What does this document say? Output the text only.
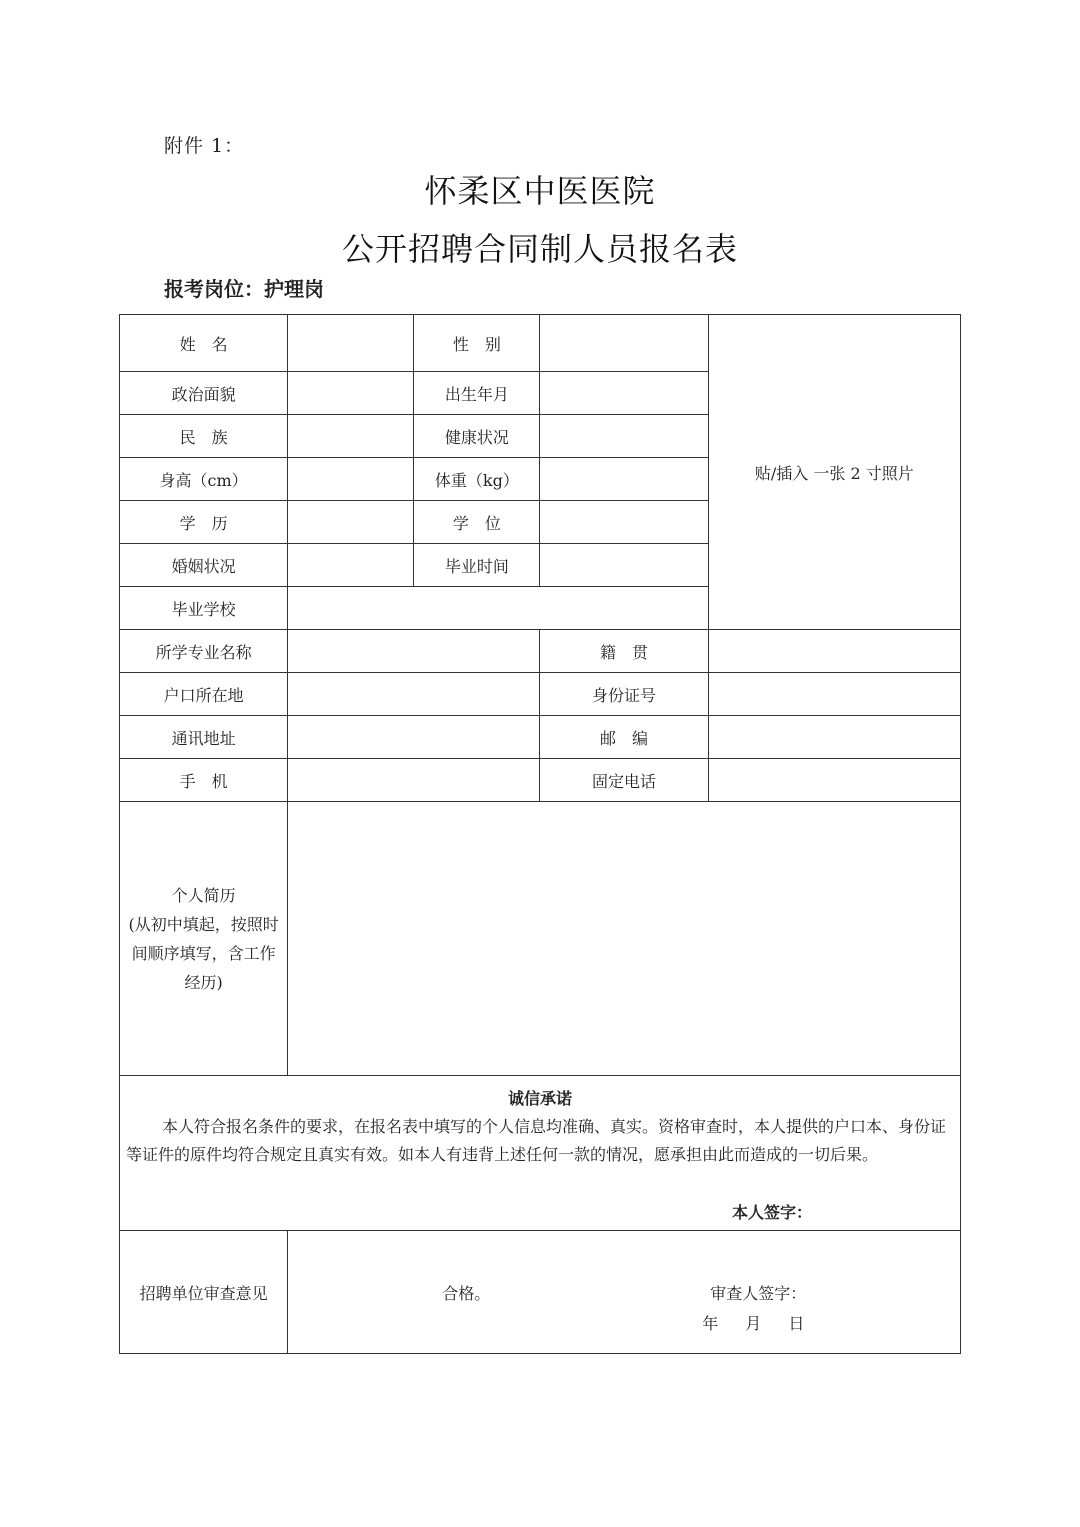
附件 1：
怀柔区中医医院
公开招聘合同制人员报名表
报考岗位：护理岗
姓　名		性　别		贴/插入 一张 2 寸照片
政治面貌		出生年月		
民　族		健康状况		
身高（cm）		体重（kg）		
学　历		学　位		
婚姻状况		毕业时间		
毕业学校				
所学专业名称			籍　贯	
户口所在地			身份证号	
通讯地址			邮　编	
手　机			固定电话	

个人简历
(从初中填起，按照时
间顺序填写，含工作
经历)				

诚信承诺
本人符合报名条件的要求，在报名表中填写的个人信息均准确、真实。资格审查时，本人提供的户口本、身份证等证件的原件均符合规定且真实有效。如本人有违背上述任何一款的情况，愿承担由此而造成的一切后果。
本人签字：				

招聘单位审查意见	合格。 审查人签字：
年 月 日			
